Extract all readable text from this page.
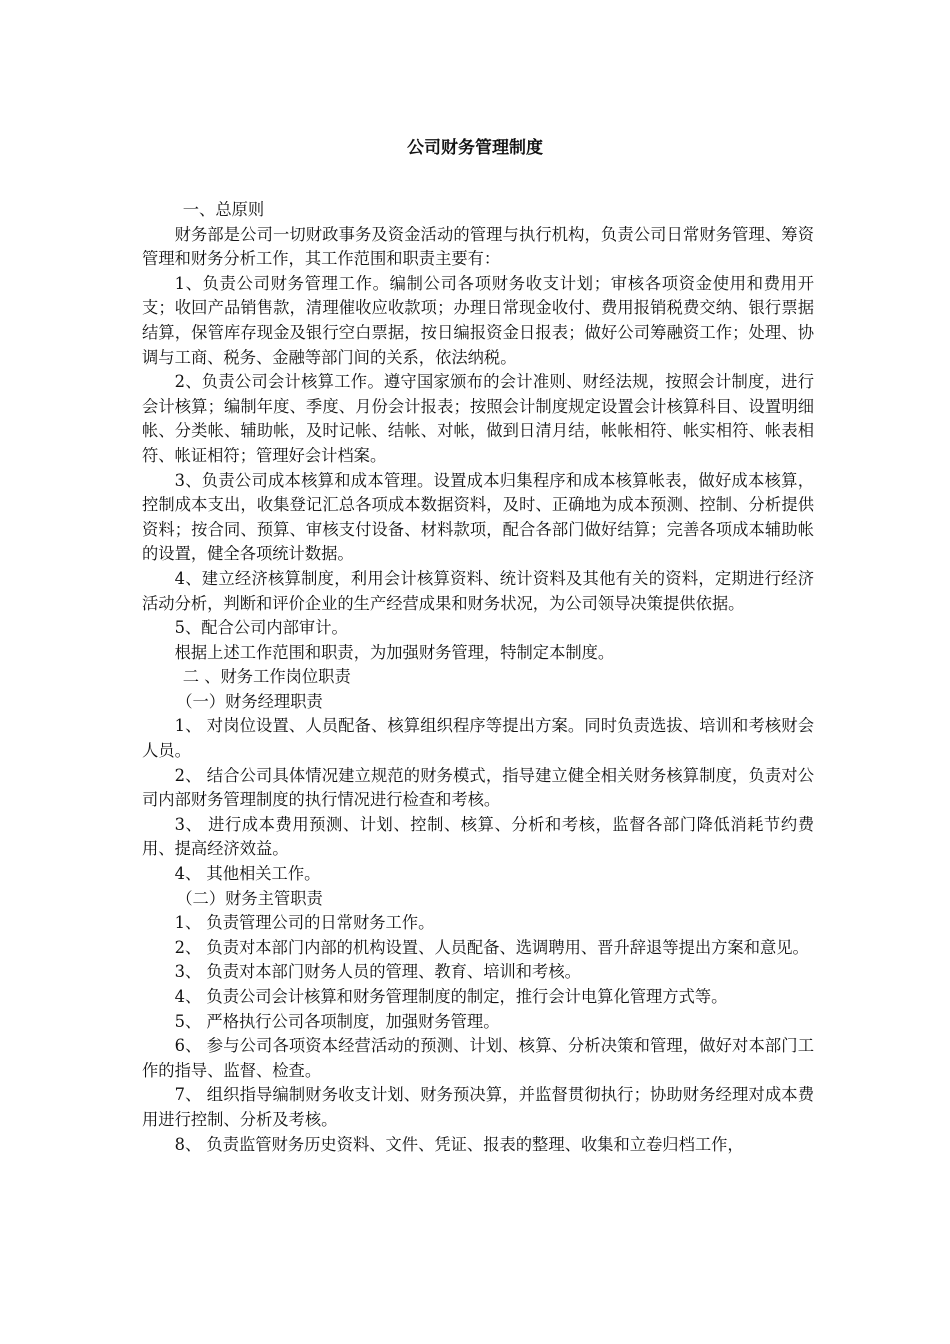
公司财务管理制度

一、总原则

财务部是公司一切财政事务及资金活动的管理与执行机构，负责公司日常财务管理、筹资管理和财务分析工作，其工作范围和职责主要有：

1、负责公司财务管理工作。编制公司各项财务收支计划；审核各项资金使用和费用开支；收回产品销售款，清理催收应收款项；办理日常现金收付、费用报销税费交纳、银行票据结算，保管库存现金及银行空白票据，按日编报资金日报表；做好公司筹融资工作；处理、协调与工商、税务、金融等部门间的关系，依法纳税。

2、负责公司会计核算工作。遵守国家颁布的会计准则、财经法规，按照会计制度，进行会计核算；编制年度、季度、月份会计报表；按照会计制度规定设置会计核算科目、设置明细帐、分类帐、辅助帐，及时记帐、结帐、对帐，做到日清月结，帐帐相符、帐实相符、帐表相符、帐证相符；管理好会计档案。

3、负责公司成本核算和成本管理。设置成本归集程序和成本核算帐表，做好成本核算，控制成本支出，收集登记汇总各项成本数据资料，及时、正确地为成本预测、控制、分析提供资料；按合同、预算、审核支付设备、材料款项，配合各部门做好结算；完善各项成本辅助帐的设置，健全各项统计数据。

4、建立经济核算制度，利用会计核算资料、统计资料及其他有关的资料，定期进行经济活动分析，判断和评价企业的生产经营成果和财务状况，为公司领导决策提供依据。

5、配合公司内部审计。

根据上述工作范围和职责，为加强财务管理，特制定本制度。

二 、财务工作岗位职责

（一）财务经理职责

1、 对岗位设置、人员配备、核算组织程序等提出方案。同时负责选拔、培训和考核财会人员。

2、 结合公司具体情况建立规范的财务模式，指导建立健全相关财务核算制度，负责对公司内部财务管理制度的执行情况进行检查和考核。

3、 进行成本费用预测、计划、控制、核算、分析和考核，监督各部门降低消耗节约费用、提高经济效益。

4、 其他相关工作。

（二）财务主管职责

1、 负责管理公司的日常财务工作。

2、 负责对本部门内部的机构设置、人员配备、选调聘用、晋升辞退等提出方案和意见。

3、 负责对本部门财务人员的管理、教育、培训和考核。

4、 负责公司会计核算和财务管理制度的制定，推行会计电算化管理方式等。

5、 严格执行公司各项制度，加强财务管理。

6、 参与公司各项资本经营活动的预测、计划、核算、分析决策和管理，做好对本部门工作的指导、监督、检查。

7、 组织指导编制财务收支计划、财务预决算，并监督贯彻执行；协助财务经理对成本费用进行控制、分析及考核。

8、 负责监管财务历史资料、文件、凭证、报表的整理、收集和立卷归档工作，
